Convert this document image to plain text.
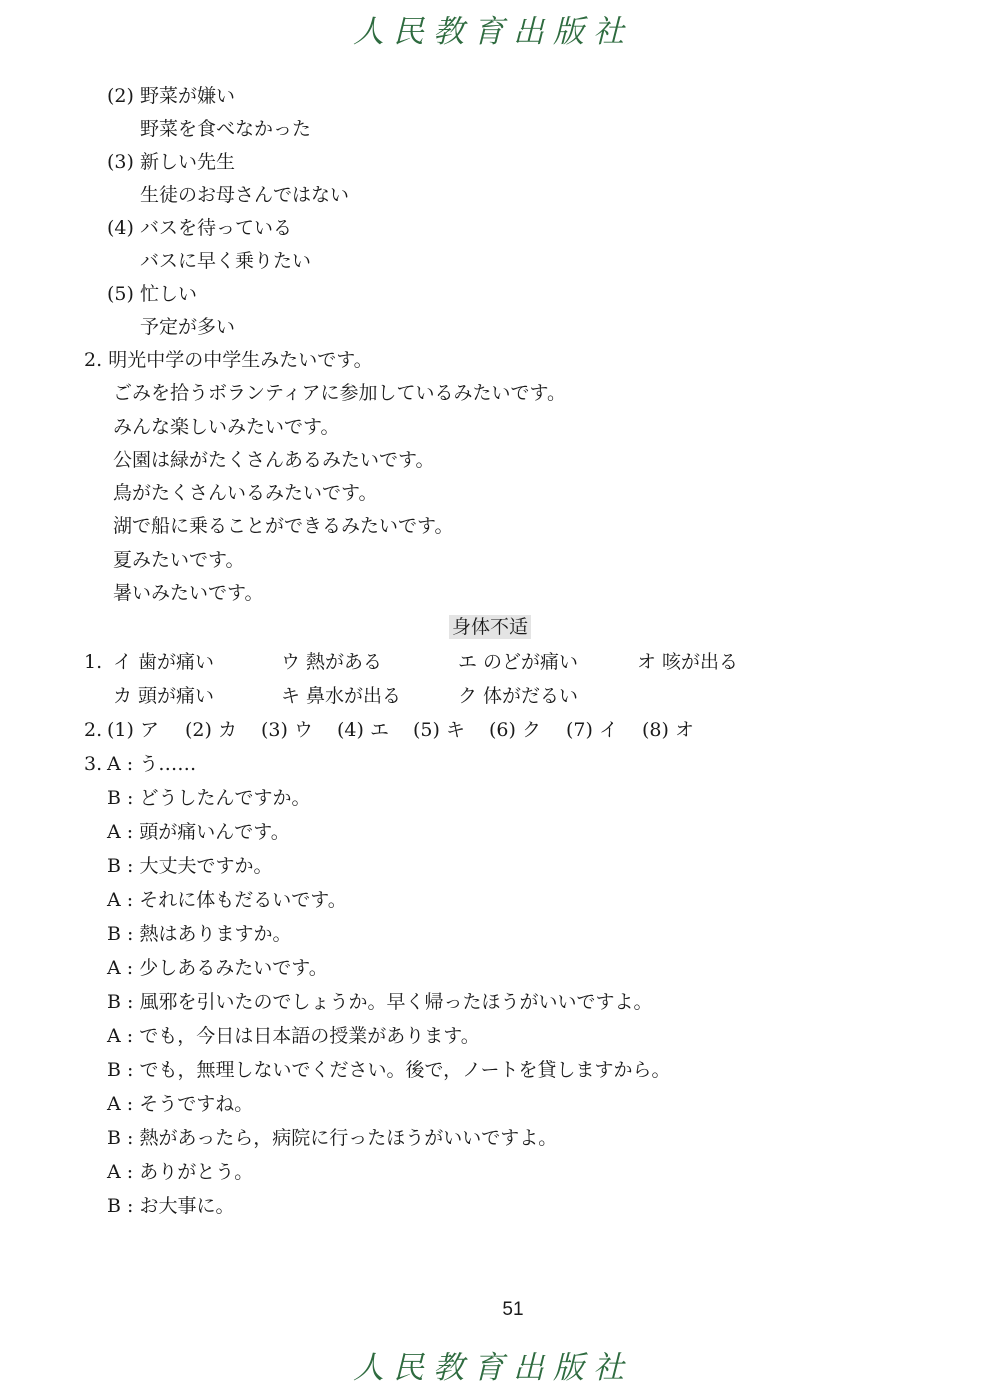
人民教育出版社
(2) 野菜が嫌い
野菜を食べなかった
(3) 新しい先生
生徒のお母さんではない
(4) バスを待っている
バスに早く乗りたい
(5) 忙しい
予定が多い
2. 明光中学の中学生みたいです。
ごみを拾うボランティアに参加しているみたいです。
みんな楽しいみたいです。
公園は緑がたくさんあるみたいです。
鳥がたくさんいるみたいです。
湖で船に乗ることができるみたいです。
夏みたいです。
暑いみたいです。
身体不适
1. イ 歯が痛い	ウ 熱がある	エ のどが痛い	オ 咳が出る
カ 頭が痛い	キ 鼻水が出る	ク 体がだるい
2. (1) ア (2) カ (3) ウ (4) エ (5) キ (6) ク (7) イ (8) オ
3. A : う……
B : どうしたんですか。
A : 頭が痛いんです。
B : 大丈夫ですか。
A : それに体もだるいです。
B : 熱はありますか。
A : 少しあるみたいです。
B : 風邪を引いたのでしょうか。早く帰ったほうがいいですよ。
A : でも，今日は日本語の授業があります。
B : でも，無理しないでください。後で，ノートを貸しますから。
A : そうですね。
B : 熱があったら，病院に行ったほうがいいですよ。
A : ありがとう。
B : お大事に。
51
人民教育出版社
